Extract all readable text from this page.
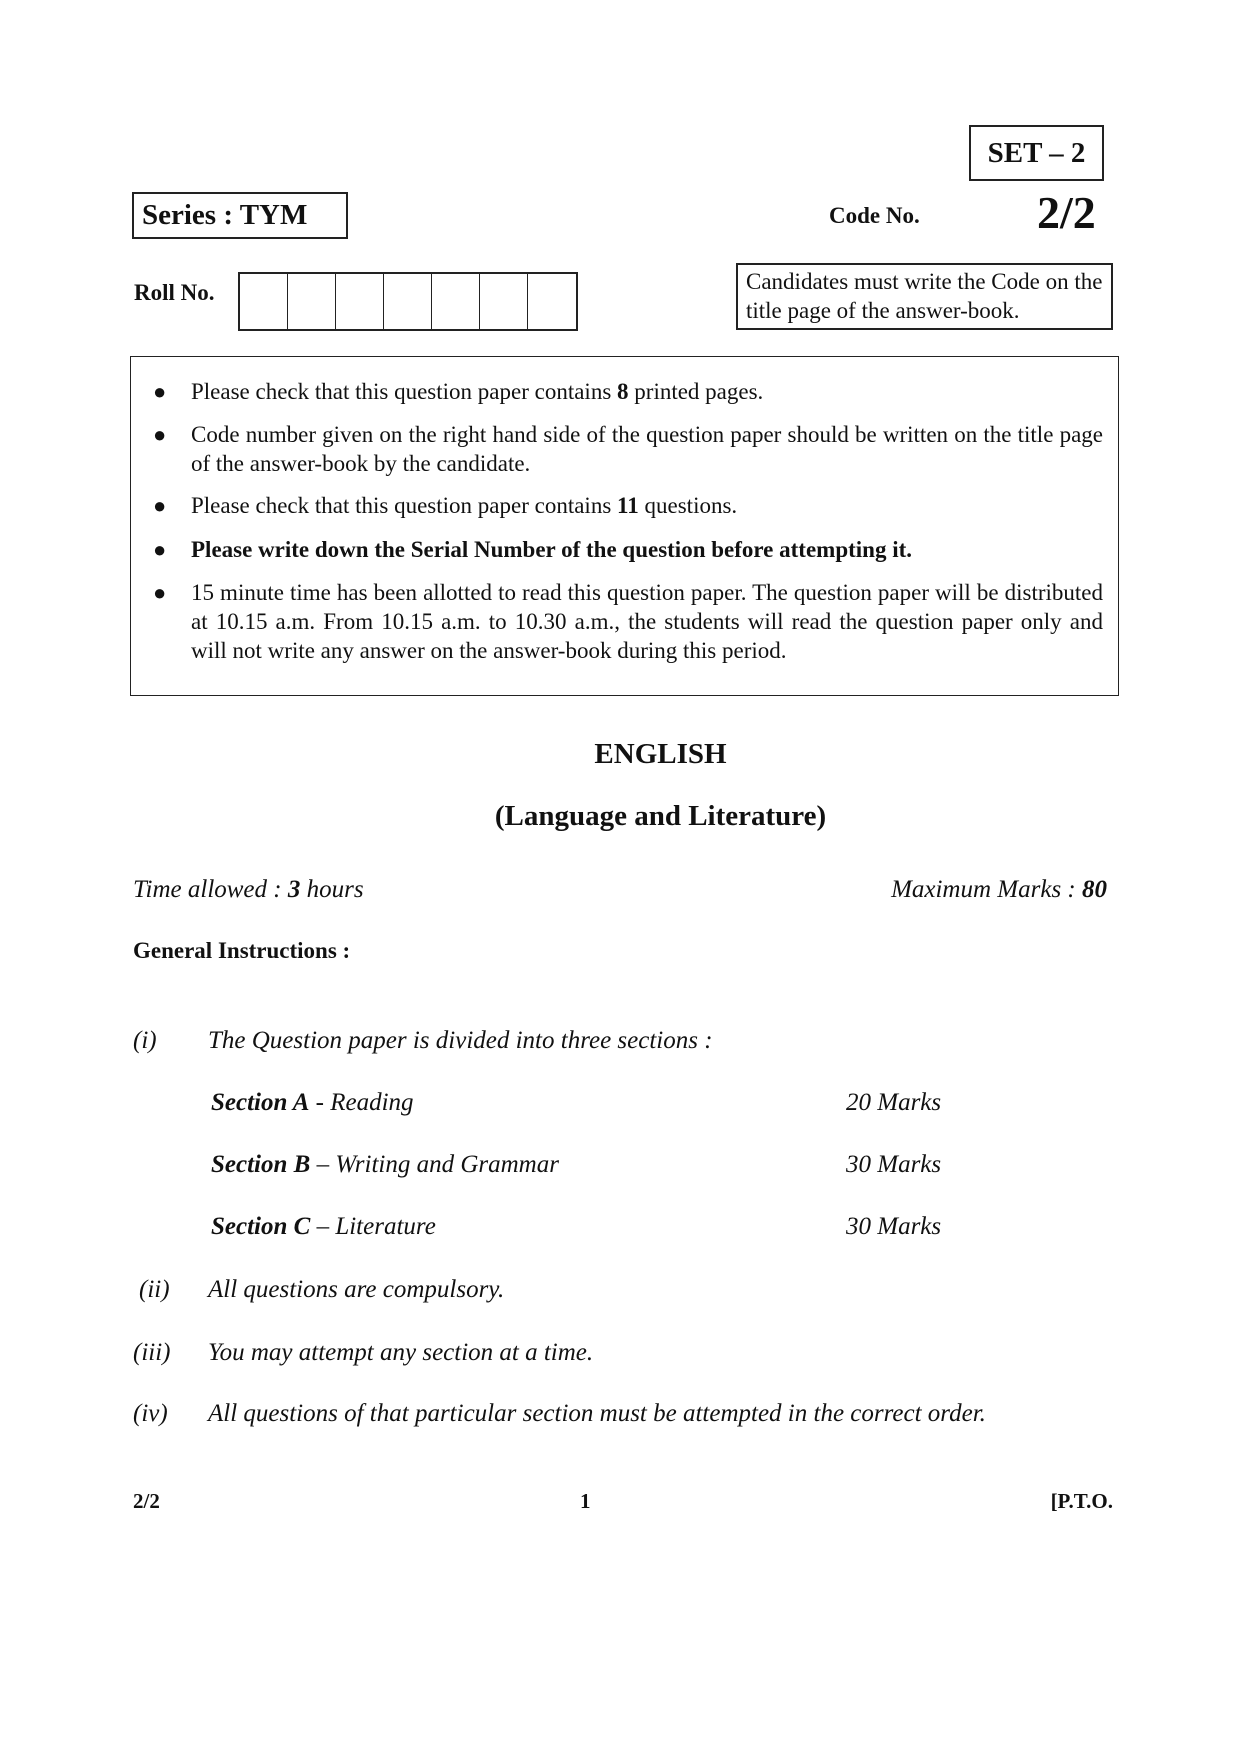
SET – 2
Series : TYM	Code No.	2/2
Roll No.	Candidates must write the Code on the title page of the answer-book.
● Please check that this question paper contains 8 printed pages.
● Code number given on the right hand side of the question paper should be written on the title page of the answer-book by the candidate.
● Please check that this question paper contains 11 questions.
● Please write down the Serial Number of the question before attempting it.
● 15 minute time has been allotted to read this question paper. The question paper will be distributed at 10.15 a.m. From 10.15 a.m. to 10.30 a.m., the students will read the question paper only and will not write any answer on the answer-book during this period.
ENGLISH
(Language and Literature)
Time allowed : 3 hours	Maximum Marks : 80
General Instructions :
(i) The Question paper is divided into three sections :
Section A - Reading	20 Marks
Section B – Writing and Grammar	30 Marks
Section C – Literature	30 Marks
(ii) All questions are compulsory.
(iii) You may attempt any section at a time.
(iv) All questions of that particular section must be attempted in the correct order.
2/2	1	[P.T.O.
